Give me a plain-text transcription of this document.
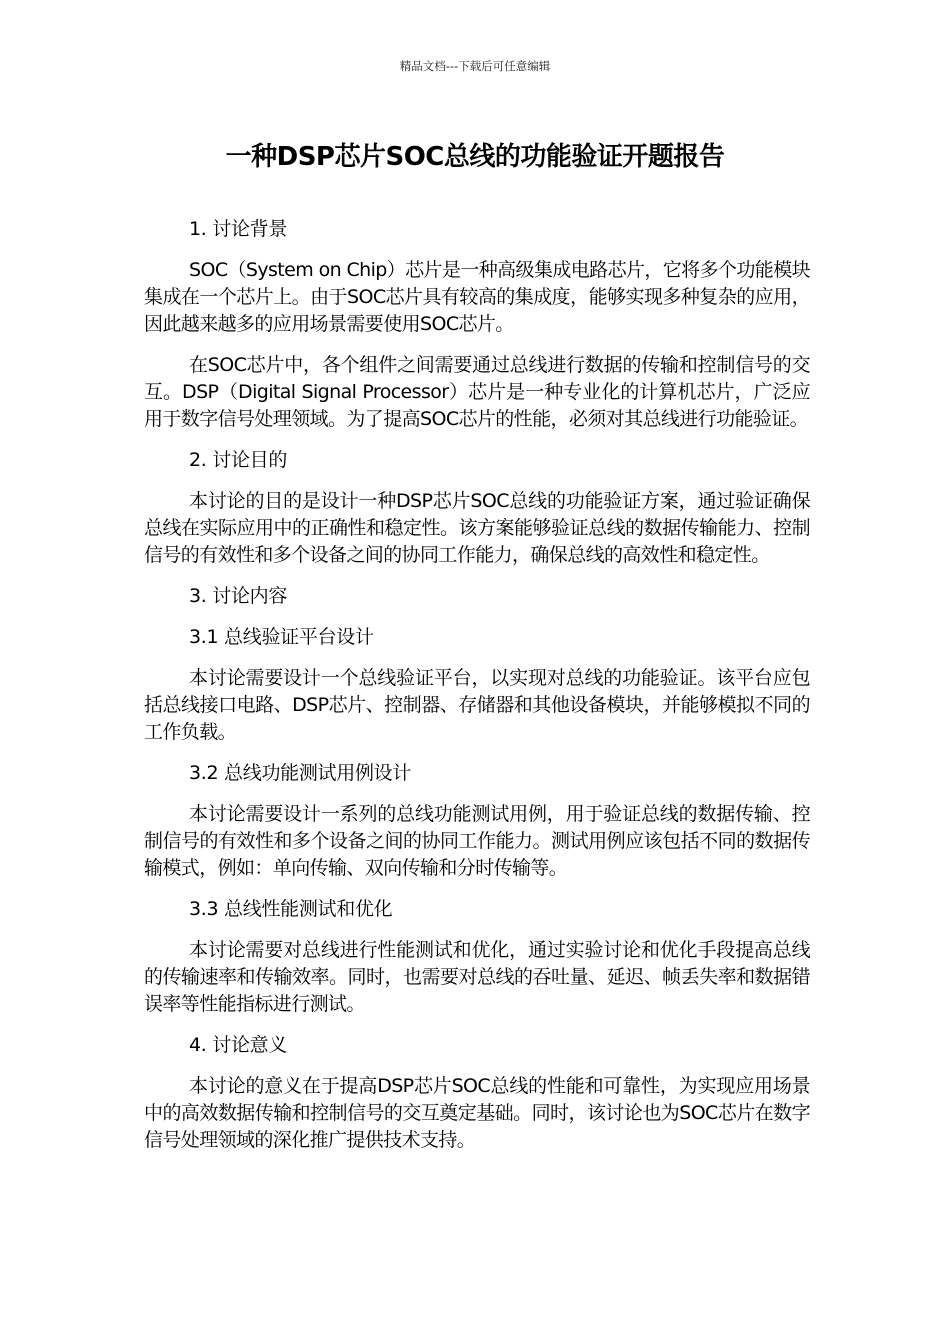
精品文档---下载后可任意编辑
一种DSP芯片SOC总线的功能验证开题报告
1. 讨论背景
SOC（System on Chip）芯片是一种高级集成电路芯片，它将多个功能模块集成在一个芯片上。由于SOC芯片具有较高的集成度，能够实现多种复杂的应用，因此越来越多的应用场景需要使用SOC芯片。
在SOC芯片中，各个组件之间需要通过总线进行数据的传输和控制信号的交互。DSP（Digital Signal Processor）芯片是一种专业化的计算机芯片，广泛应用于数字信号处理领域。为了提高SOC芯片的性能，必须对其总线进行功能验证。
2. 讨论目的
本讨论的目的是设计一种DSP芯片SOC总线的功能验证方案，通过验证确保总线在实际应用中的正确性和稳定性。该方案能够验证总线的数据传输能力、控制信号的有效性和多个设备之间的协同工作能力，确保总线的高效性和稳定性。
3. 讨论内容
3.1 总线验证平台设计
本讨论需要设计一个总线验证平台，以实现对总线的功能验证。该平台应包括总线接口电路、DSP芯片、控制器、存储器和其他设备模块，并能够模拟不同的工作负载。
3.2 总线功能测试用例设计
本讨论需要设计一系列的总线功能测试用例，用于验证总线的数据传输、控制信号的有效性和多个设备之间的协同工作能力。测试用例应该包括不同的数据传输模式，例如：单向传输、双向传输和分时传输等。
3.3 总线性能测试和优化
本讨论需要对总线进行性能测试和优化，通过实验讨论和优化手段提高总线的传输速率和传输效率。同时，也需要对总线的吞吐量、延迟、帧丢失率和数据错误率等性能指标进行测试。
4. 讨论意义
本讨论的意义在于提高DSP芯片SOC总线的性能和可靠性，为实现应用场景中的高效数据传输和控制信号的交互奠定基础。同时，该讨论也为SOC芯片在数字信号处理领域的深化推广提供技术支持。
